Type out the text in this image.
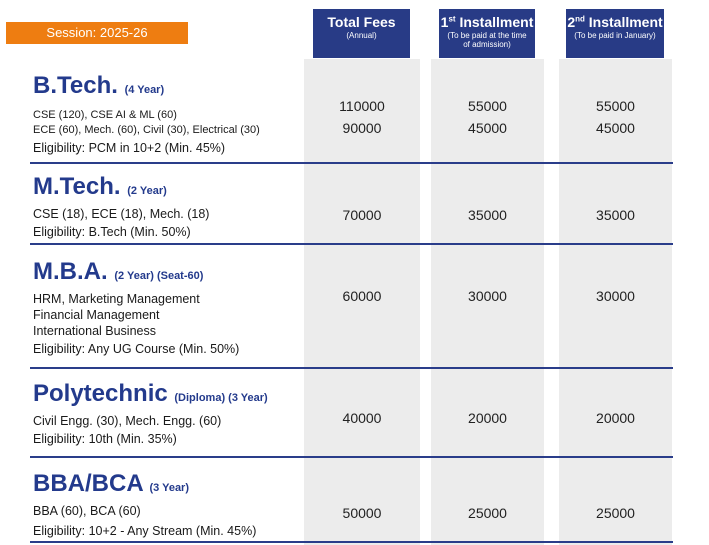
Session: 2025-26
Total Fees
(Annual)
1st Installment
(To be paid at the time of admission)
2nd Installment
(To be paid in January)
B.Tech. (4 Year)
CSE (120), CSE AI & ML (60)
ECE (60), Mech. (60), Civil (30), Electrical (30)
Eligibility: PCM in 10+2 (Min. 45%)
110000	55000	55000
90000	45000	45000
M.Tech. (2 Year)
CSE (18), ECE (18), Mech. (18)
Eligibility: B.Tech (Min. 50%)
70000	35000	35000
M.B.A. (2 Year) (Seat-60)
HRM, Marketing Management
Financial Management
International Business
Eligibility: Any UG Course (Min. 50%)
60000	30000	30000
Polytechnic (Diploma) (3 Year)
Civil Engg. (30), Mech. Engg. (60)
Eligibility: 10th (Min. 35%)
40000	20000	20000
BBA/BCA (3 Year)
BBA (60), BCA (60)
Eligibility: 10+2 - Any Stream (Min. 45%)
50000	25000	25000
